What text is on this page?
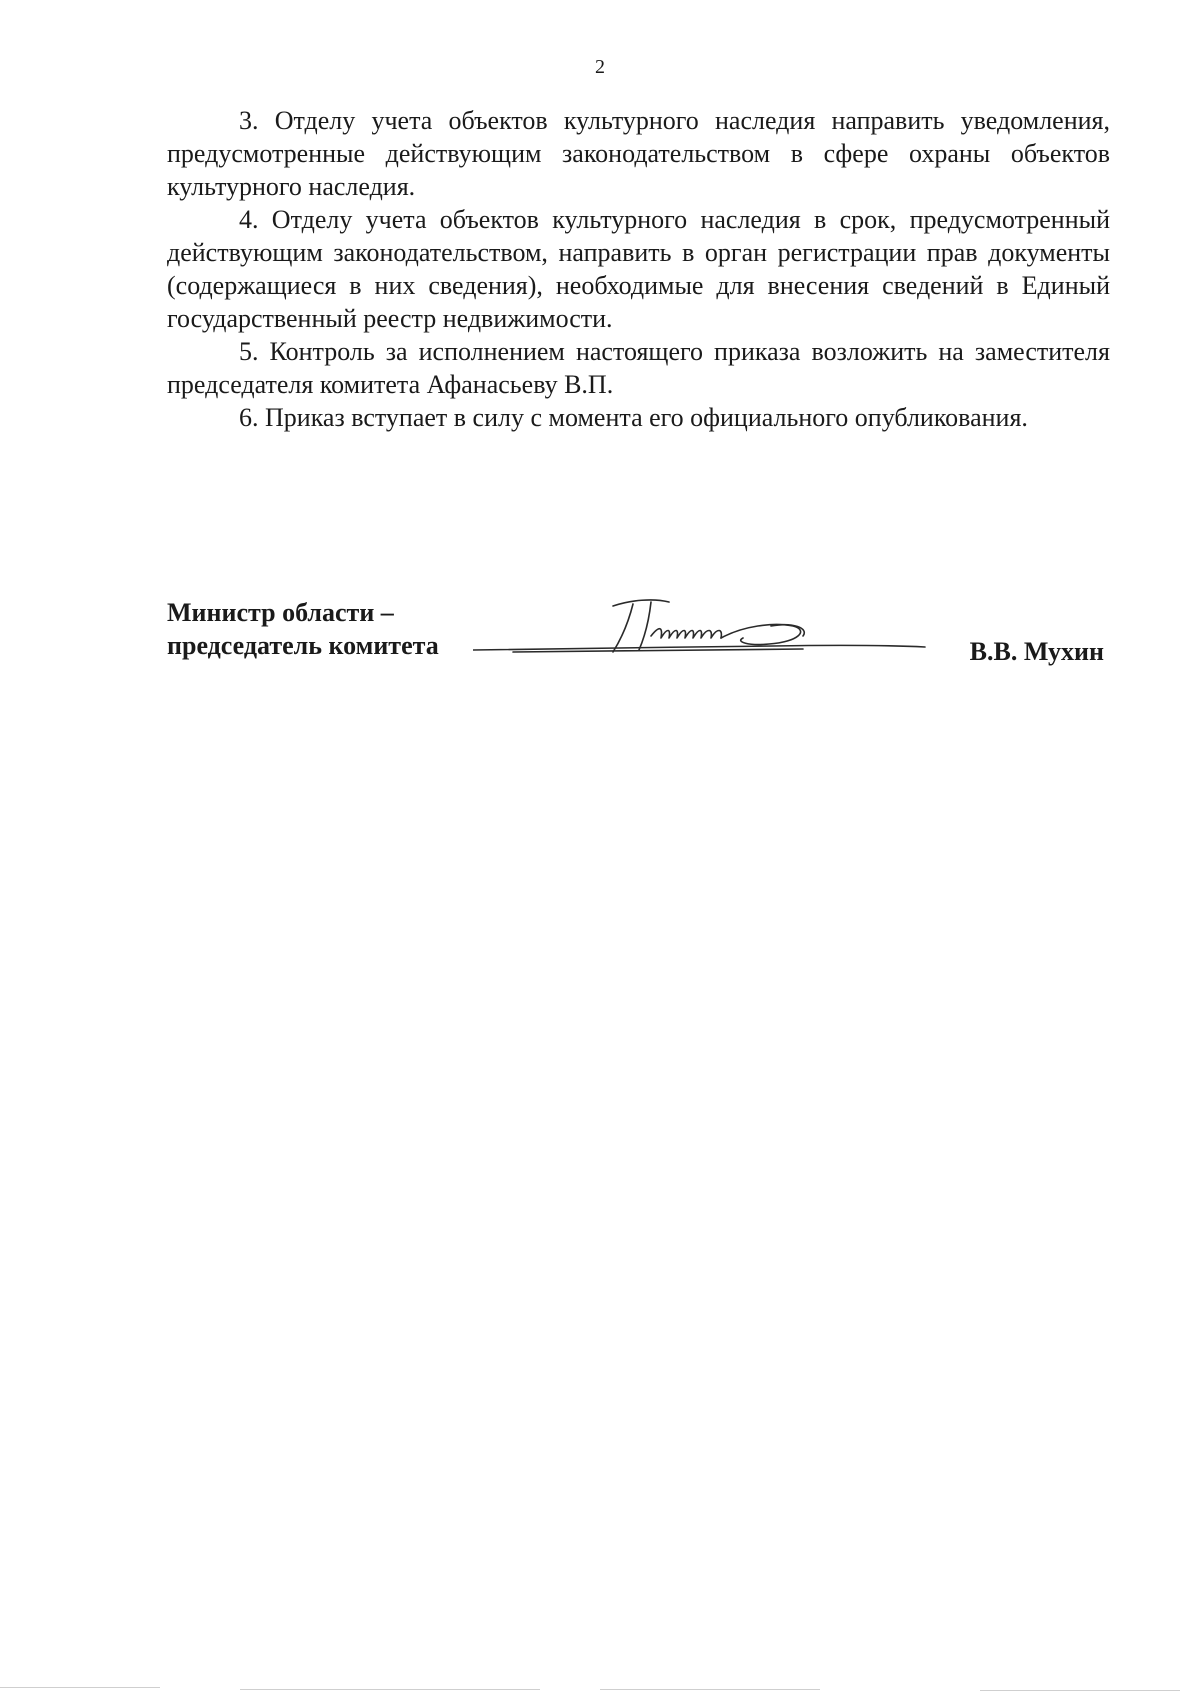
2

3. Отделу учета объектов культурного наследия направить уведомления, предусмотренные действующим законодательством в сфере охраны объектов культурного наследия.

4. Отделу учета объектов культурного наследия в срок, предусмотренный действующим законодательством, направить в орган регистрации прав документы (содержащиеся в них сведения), необходимые для внесения сведений в Единый государственный реестр недвижимости.

5. Контроль за исполнением настоящего приказа возложить на заместителя председателя комитета Афанасьеву В.П.

6. Приказ вступает в силу с момента его официального опубликования.

Министр области –
председатель комитета	В.В. Мухин
